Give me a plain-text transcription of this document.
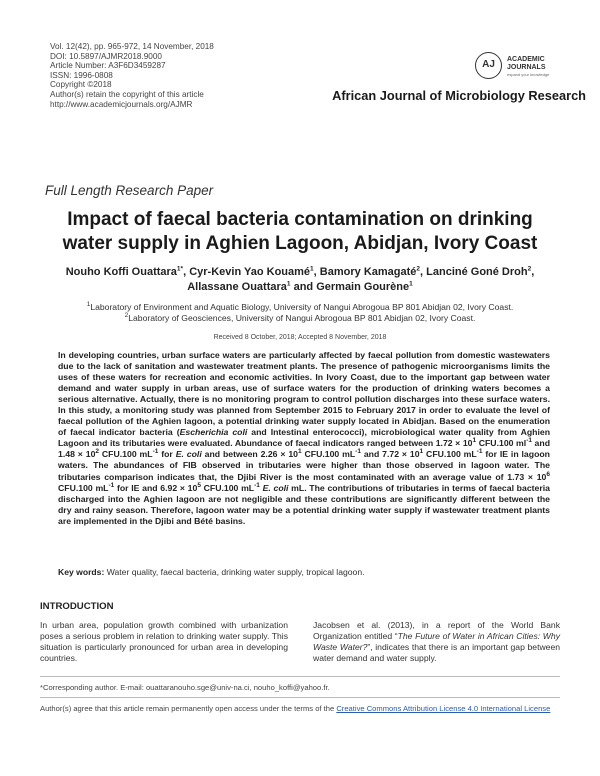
Vol. 12(42), pp. 965-972, 14 November, 2018
DOI: 10.5897/AJMR2018.9000
Article Number: A3F6D3459287
ISSN: 1996-0808
Copyright ©2018
Author(s) retain the copyright of this article
http://www.academicjournals.org/AJMR
AJ	ACADEMIC
JOURNALS
expand your knowledge
African Journal of Microbiology Research
Full Length Research Paper
Impact of faecal bacteria contamination on drinking
water supply in Aghien Lagoon, Abidjan, Ivory Coast
Nouho Koffi Ouattara$^{1*}$, Cyr-Kevin Yao Kouamé$^1$, Bamory Kamagaté$^2$, Lanciné Goné Droh$^2$,
Allassane Ouattara$^1$ and Germain Gourène$^1$
$^1$Laboratory of Environment and Aquatic Biology, University of Nangui Abrogoua BP 801 Abidjan 02, Ivory Coast.
$^2$Laboratory of Geosciences, University of Nangui Abrogoua BP 801 Abidjan 02, Ivory Coast.
Received 8 October, 2018; Accepted 8 November, 2018
In developing countries, urban surface waters are particularly affected by faecal pollution from domestic wastewaters due to the lack of sanitation and wastewater treatment plants. The presence of pathogenic microorganisms limits the uses of these waters for recreation and economic activities. In Ivory Coast, due to the important gap between water demand and water supply in urban areas, use of surface waters for the production of drinking waters becomes a serious alternative. Actually, there is no monitoring program to control pollution discharges into these surface waters. In this study, a monitoring study was planned from September 2015 to February 2017 in order to evaluate the level of faecal pollution of the Aghien lagoon, a potential drinking water supply located in Abidjan. Based on the enumeration of faecal indicator bacteria (Escherichia coli and Intestinal enterococci), microbiological water quality from Aghien Lagoon and its tributaries were evaluated. Abundance of faecal indicators ranged between $1.72 \times 10^1$ CFU.100 $ml^{-1}$ and $1.48 \times 10^2$ CFU.100 $mL^{-1}$ for E. coli and between $2.26 \times 10^1$ CFU.100 $mL^{-1}$ and $7.72 \times 10^1$ CFU.100 $mL^{-1}$ for IE in lagoon waters. The abundances of FIB observed in tributaries were higher than those observed in lagoon water. The tributaries comparison indicates that, the Djibi River is the most contaminated with an average value of $1.73 \times 10^6$ CFU.100 $mL^{-1}$ for IE and $6.92 \times 10^5$ CFU.100 $mL^{-1}$ E. coli mL. The contributions of tributaries in terms of faecal bacteria discharged into the Aghien lagoon are not negligible and these contributions are significantly different between the dry and rainy season. Therefore, lagoon water may be a potential drinking water supply if wastewater treatment plants are implemented in the Djibi and Bété basins.
Key words: Water quality, faecal bacteria, drinking water supply, tropical lagoon.
INTRODUCTION
In urban area, population growth combined with urbanization poses a serious problem in relation to drinking water supply. This situation is particularly pronounced for urban area in developing countries.
Jacobsen et al. (2013), in a report of the World Bank Organization entitled “The Future of Water in African Cities: Why Waste Water?”, indicates that there is an important gap between water demand and water supply.
*Corresponding author. E-mail: ouattaranouho.sge@univ-na.ci, nouho_koffi@yahoo.fr.
Author(s) agree that this article remain permanently open access under the terms of the Creative Commons Attribution License 4.0 International License
